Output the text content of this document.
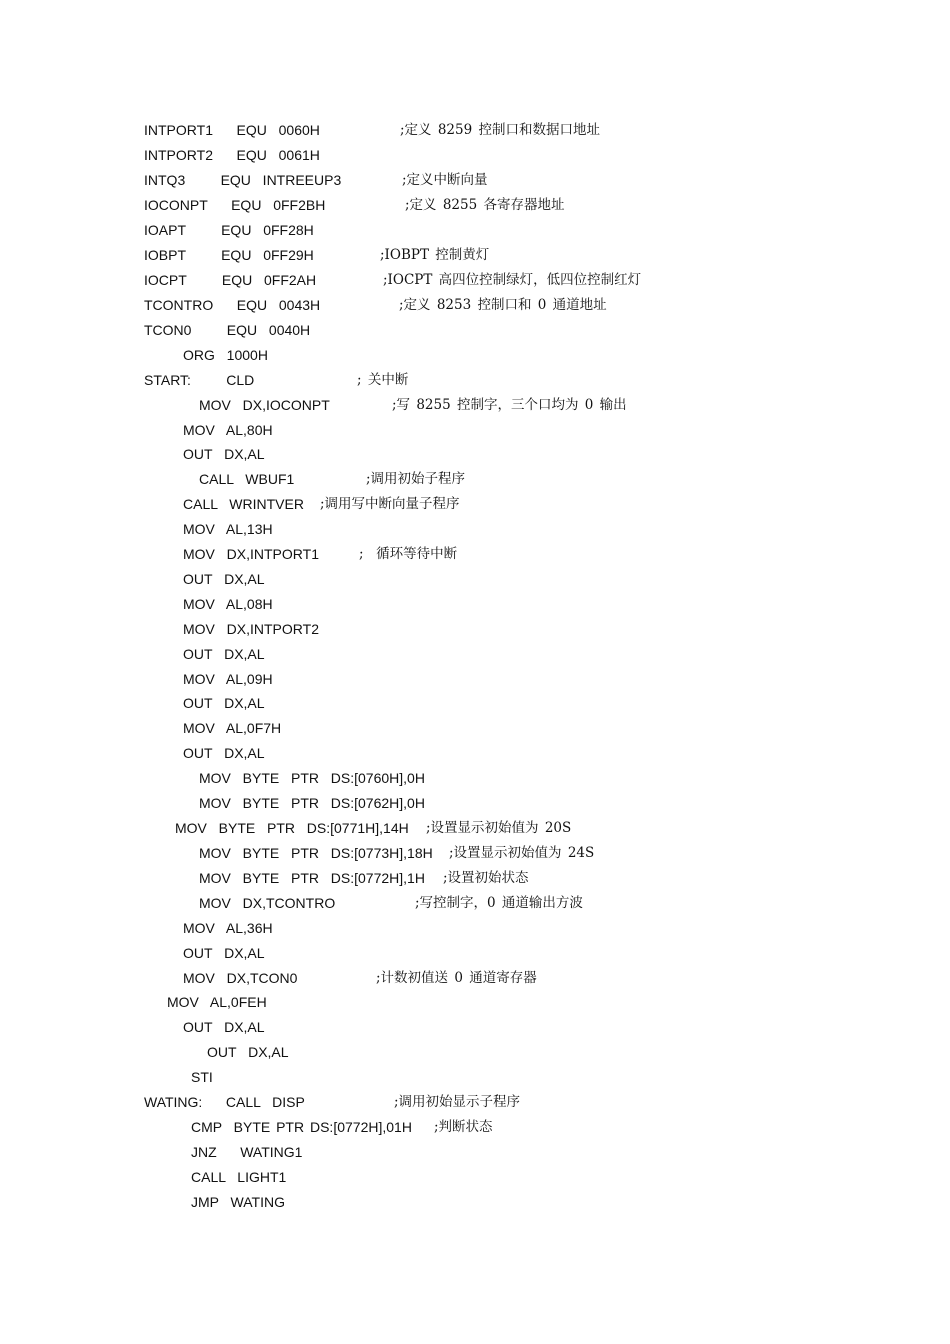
INTPORT1    EQU  0060H	;定义 8259 控制口和数据口地址
INTPORT2    EQU  0061H
INTQ3      EQU  INTREEUP3	;定义中断向量
IOCONPT    EQU  0FF2BH	;定义 8255 各寄存器地址
IOAPT      EQU  0FF28H
IOBPT      EQU  0FF29H	;IOBPT 控制黄灯
IOCPT      EQU  0FF2AH	;IOCPT 高四位控制绿灯，低四位控制红灯
TCONTRO    EQU  0043H	;定义 8253 控制口和 0 通道地址
TCON0      EQU  0040H
ORG  1000H
START:      CLD	; 关中断
MOV  DX,IOCONPT	;写 8255 控制字，三个口均为 0 输出
MOV  AL,80H
OUT  DX,AL
CALL  WBUF1	;调用初始子程序
CALL  WRINTVER ;调用写中断向量子程序
MOV  AL,13H
MOV  DX,INTPORT1	;  循环等待中断
OUT  DX,AL
MOV  AL,08H
MOV  DX,INTPORT2
OUT  DX,AL
MOV  AL,09H
OUT  DX,AL
MOV  AL,0F7H
OUT  DX,AL
MOV  BYTE  PTR  DS:[0760H],0H
MOV  BYTE  PTR  DS:[0762H],0H
MOV  BYTE  PTR  DS:[0771H],14H ;设置显示初始值为 20S
MOV  BYTE  PTR  DS:[0773H],18H ;设置显示初始值为 24S
MOV  BYTE  PTR  DS:[0772H],1H ;设置初始状态
MOV  DX,TCONTRO	;写控制字，0 通道输出方波
MOV  AL,36H
OUT  DX,AL
MOV  DX,TCON0	;计数初值送 0 通道寄存器
MOV  AL,0FEH
OUT  DX,AL
OUT  DX,AL
STI
WATING:    CALL  DISP	;调用初始显示子程序
CMP  BYTE PTR DS:[0772H],01H ;判断状态
JNZ    WATING1
CALL  LIGHT1
JMP  WATING
